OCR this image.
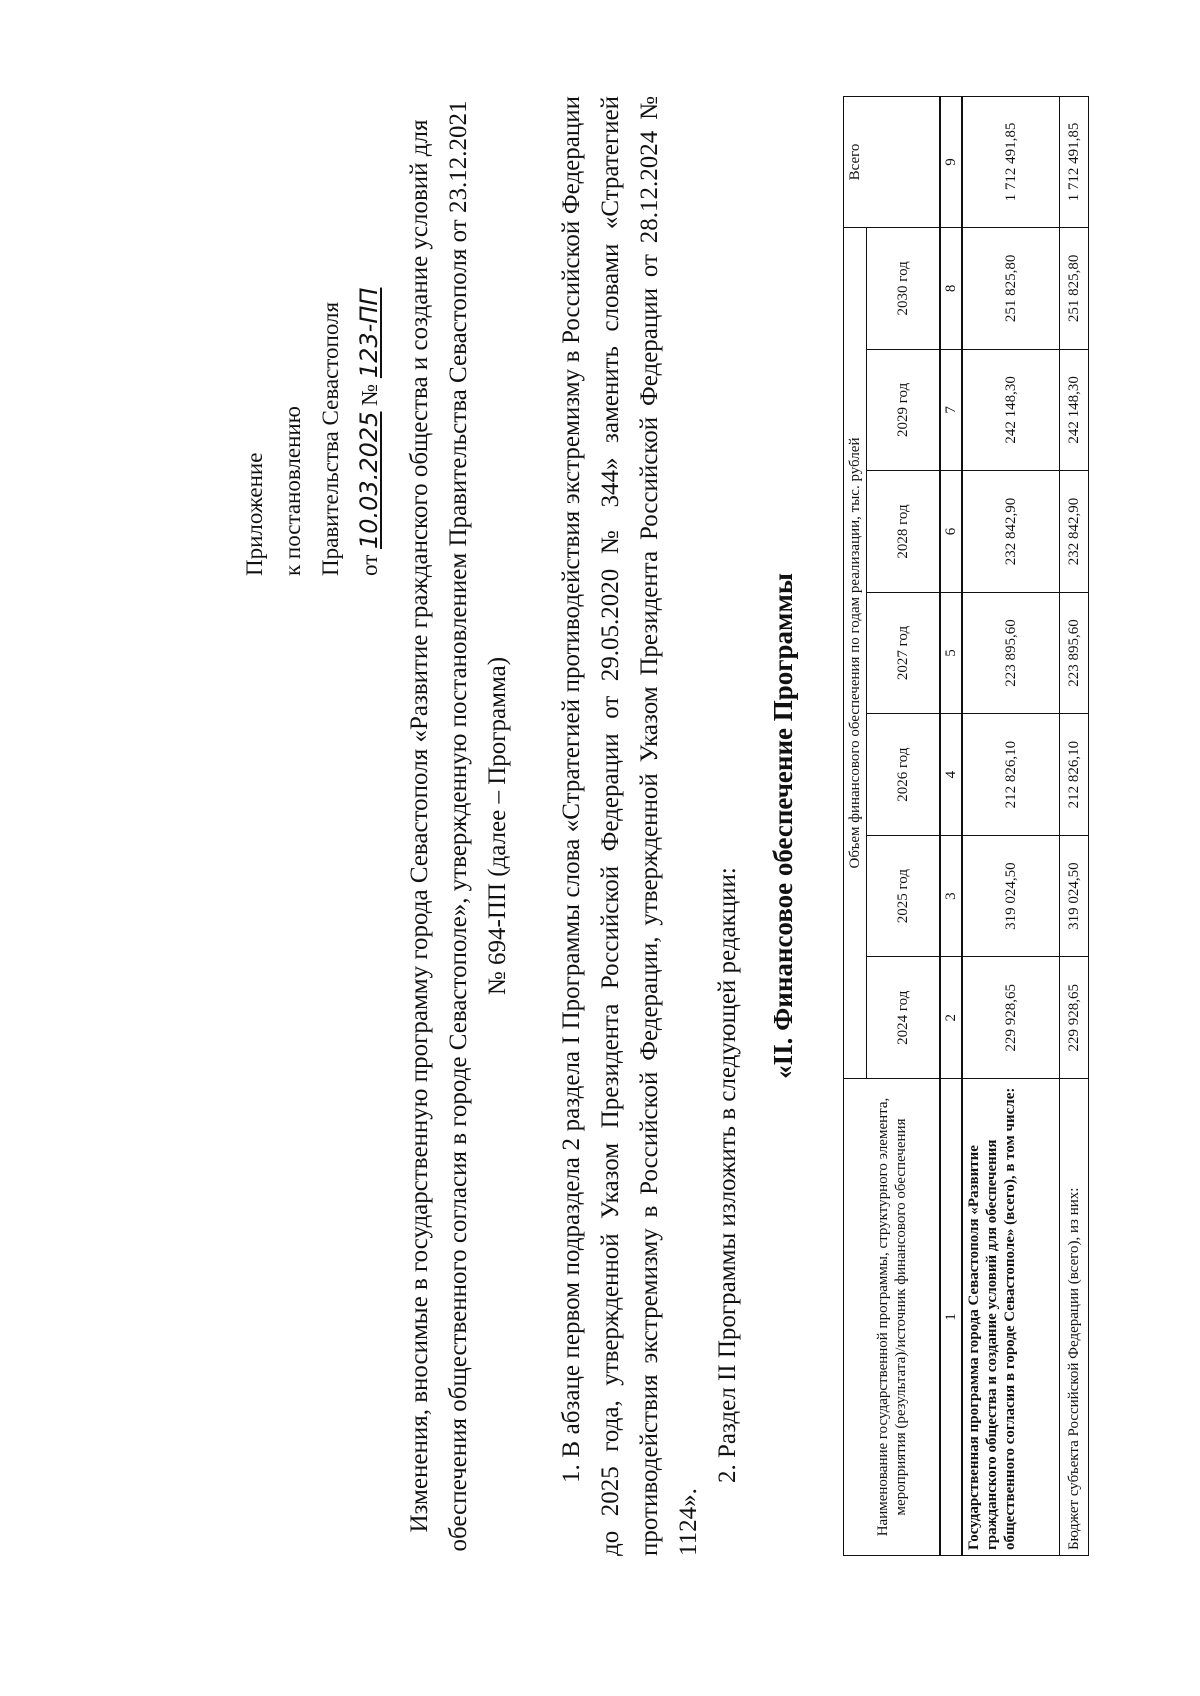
Приложение к постановлению Правительства Севастополя от 10.03.2025 № 123-ПП Изменения, вносимые в государственную программу города Севастополя «Развитие гражданского общества и создание условий для обеспечения общественного согласия в городе Севастополе», утвержденную постановлением Правительства Севастополя от 23.12.2021 № 694-ПП (далее – Программа) 1. В абзаце первом подраздела 2 раздела I Программы слова «Стратегией противодействия экстремизму в Российской Федерации до 2025 года, утвержденной Указом Президента Российской Федерации от 29.05.2020 № 344» заменить словами «Стратегией противодействия экстремизму в Российской Федерации, утвержденной Указом Президента Российской Федерации от 28.12.2024 № 1124».
2. Раздел II Программы изложить в следующей редакции:
«II. Финансовое обеспечение Программы
Наименование государственной программы, структурного элемента, мероприятия (результата)/источник финансового обеспечения	Объем финансового обеспечения по годам реализации, тыс. рублей							Всего
	2024 год	2025 год	2026 год	2027 год	2028 год	2029 год	2030 год	
1	2	3	4	5	6	7	8	9
Государственная программа города Севастополя «Развитие гражданского общества и создание условий для обеспечения общественного согласия в городе Севастополе» (всего), в том числе:	229 928,65	319 024,50	212 826,10	223 895,60	232 842,90	242 148,30	251 825,80	1 712 491,85
Бюджет субъекта Российской Федерации (всего), из них:	229 928,65	319 024,50	212 826,10	223 895,60	232 842,90	242 148,30	251 825,80	1 712 491,85
